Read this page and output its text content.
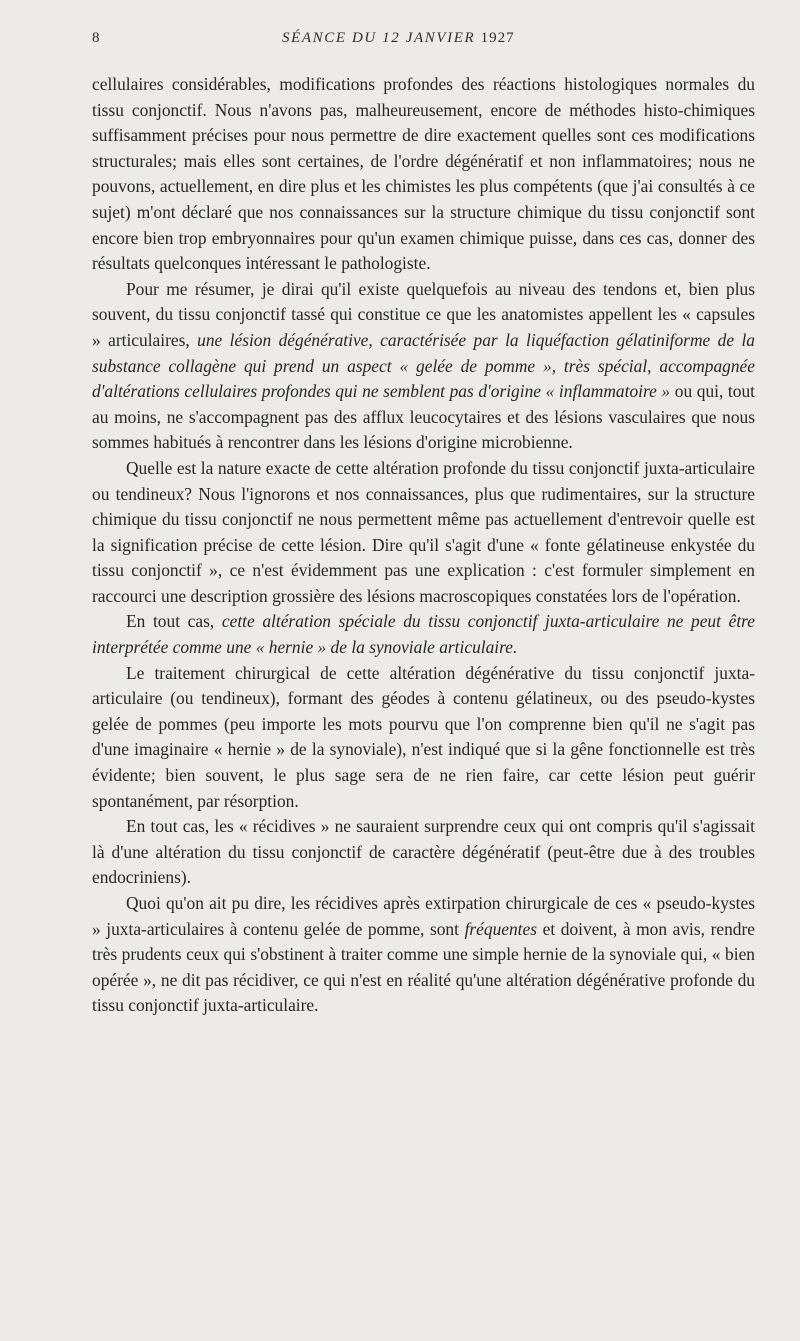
8	SÉANCE DU 12 JANVIER 1927

cellulaires considérables, modifications profondes des réactions histologiques normales du tissu conjonctif. Nous n'avons pas, malheureusement, encore de méthodes histo-chimiques suffisamment précises pour nous permettre de dire exactement quelles sont ces modifications structurales; mais elles sont certaines, de l'ordre dégénératif et non inflammatoires; nous ne pouvons, actuellement, en dire plus et les chimistes les plus compétents (que j'ai consultés à ce sujet) m'ont déclaré que nos connaissances sur la structure chimique du tissu conjonctif sont encore bien trop embryonnaires pour qu'un examen chimique puisse, dans ces cas, donner des résultats quelconques intéressant le pathologiste.

Pour me résumer, je dirai qu'il existe quelquefois au niveau des tendons et, bien plus souvent, du tissu conjonctif tassé qui constitue ce que les anatomistes appellent les « capsules » articulaires, une lésion dégénérative, caractérisée par la liquéfaction gélatiniforme de la substance collagène qui prend un aspect « gelée de pomme », très spécial, accompagnée d'altérations cellulaires profondes qui ne semblent pas d'origine « inflammatoire » ou qui, tout au moins, ne s'accompagnent pas des afflux leucocytaires et des lésions vasculaires que nous sommes habitués à rencontrer dans les lésions d'origine microbienne.

Quelle est la nature exacte de cette altération profonde du tissu conjonctif juxta-articulaire ou tendineux? Nous l'ignorons et nos connaissances, plus que rudimentaires, sur la structure chimique du tissu conjonctif ne nous permettent même pas actuellement d'entrevoir quelle est la signification précise de cette lésion. Dire qu'il s'agit d'une « fonte gélatineuse enkystée du tissu conjonctif », ce n'est évidemment pas une explication : c'est formuler simplement en raccourci une description grossière des lésions macroscopiques constatées lors de l'opération.

En tout cas, cette altération spéciale du tissu conjonctif juxta-articulaire ne peut être interprétée comme une « hernie » de la synoviale articulaire.

Le traitement chirurgical de cette altération dégénérative du tissu conjonctif juxta-articulaire (ou tendineux), formant des géodes à contenu gélatineux, ou des pseudo-kystes gelée de pommes (peu importe les mots pourvu que l'on comprenne bien qu'il ne s'agit pas d'une imaginaire « hernie » de la synoviale), n'est indiqué que si la gêne fonctionnelle est très évidente; bien souvent, le plus sage sera de ne rien faire, car cette lésion peut guérir spontanément, par résorption.

En tout cas, les « récidives » ne sauraient surprendre ceux qui ont compris qu'il s'agissait là d'une altération du tissu conjonctif de caractère dégénératif (peut-être due à des troubles endocriniens).

Quoi qu'on ait pu dire, les récidives après extirpation chirurgicale de ces « pseudo-kystes » juxta-articulaires à contenu gelée de pomme, sont fréquentes et doivent, à mon avis, rendre très prudents ceux qui s'obstinent à traiter comme une simple hernie de la synoviale qui, « bien opérée », ne dit pas récidiver, ce qui n'est en réalité qu'une altération dégénérative profonde du tissu conjonctif juxta-articulaire.
